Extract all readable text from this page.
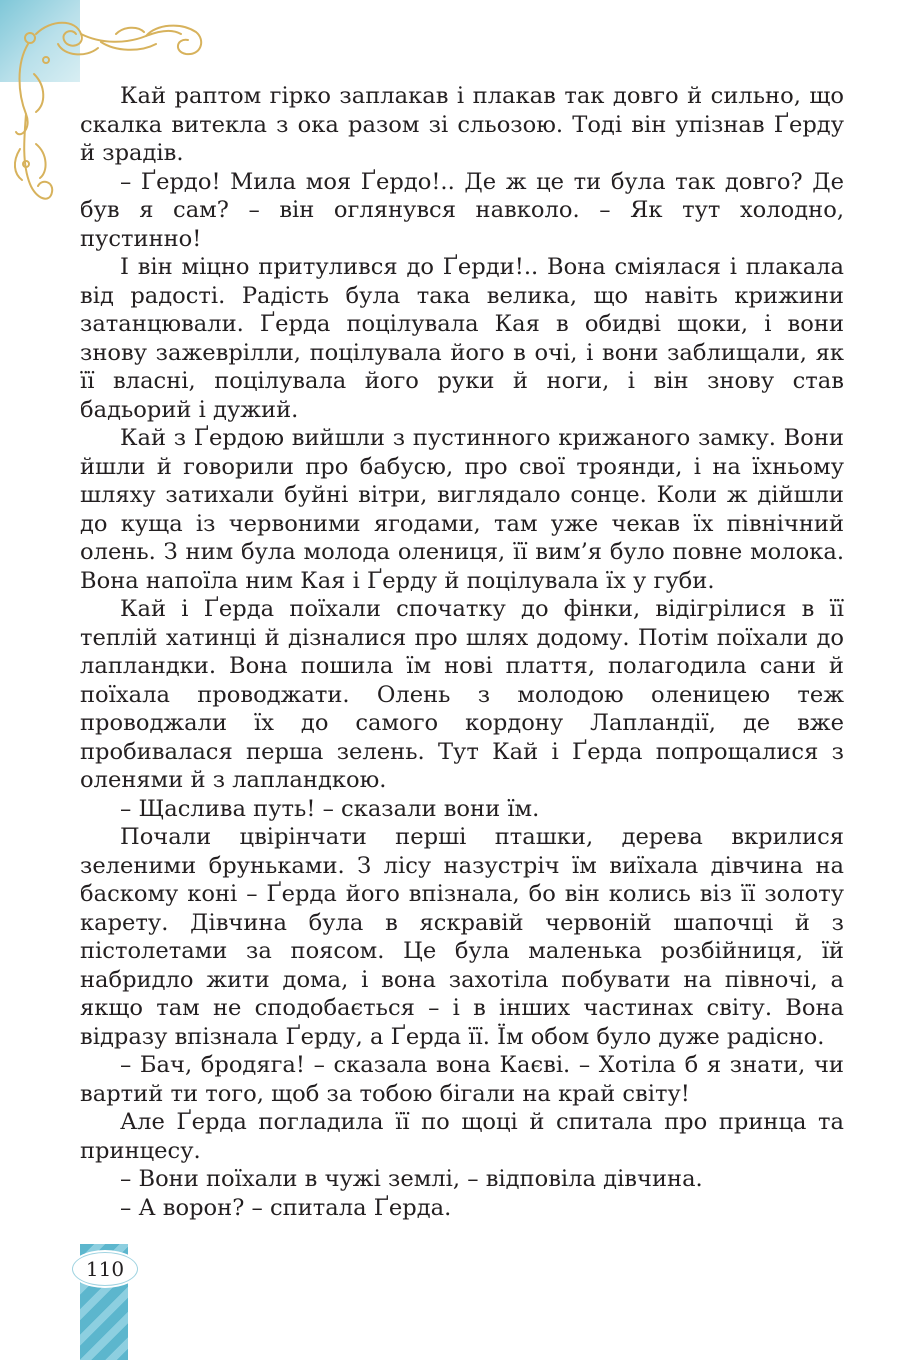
Кай раптом гірко заплакав і плакав так довго й сильно, що скалка витекла з ока разом зі сльозою. Тоді він упізнав Ґерду й зрадів.

– Ґердо! Мила моя Ґердо!.. Де ж це ти була так довго? Де був я сам? – він оглянувся навколо. – Як тут холодно, пустинно!

І він міцно притулився до Ґерди!.. Вона сміялася і плакала від радості. Радість була така велика, що навіть крижини затанцювали. Ґерда поцілувала Кая в обидві щоки, і вони знову зажеврілли, поцілувала його в очі, і вони заблищали, як її власні, поцілувала його руки й ноги, і він знову став бадьорий і дужий.

Кай з Ґердою вийшли з пустинного крижаного замку. Вони йшли й говорили про бабусю, про свої троянди, і на їхньому шляху затихали буйні вітри, виглядало сонце. Коли ж дійшли до куща із червоними ягодами, там уже чекав їх північний олень. З ним була молода олениця, її вим’я було повне молока. Вона напоїла ним Кая і Ґерду й поцілувала їх у губи.

Кай і Ґерда поїхали спочатку до фінки, відігрілися в її теплій хатинці й дізналися про шлях додому. Потім поїхали до лапландки. Вона пошила їм нові плаття, полагодила сани й поїхала проводжати. Олень з молодою оленицею теж проводжали їх до самого кордону Лапландії, де вже пробивалася перша зелень. Тут Кай і Ґерда попрощалися з оленями й з лапландкою.

– Щаслива путь! – сказали вони їм.

Почали цвірінчати перші пташки, дерева вкрилися зеленими бруньками. З лісу назустріч їм виїхала дівчина на баскому коні – Ґерда його впізнала, бо він колись віз її золоту карету. Дівчина була в яскравій червоній шапочці й з пістолетами за поясом. Це була маленька розбійниця, їй набридло жити дома, і вона захотіла побувати на півночі, а якщо там не сподобається – і в інших частинах світу. Вона відразу впізнала Ґерду, а Ґерда її. Їм обом було дуже радісно.

– Бач, бродяга! – сказала вона Каєві. – Хотіла б я знати, чи вартий ти того, щоб за тобою бігали на край світу!

Але Ґерда погладила її по щоці й спитала про принца та принцесу.

– Вони поїхали в чужі землі, – відповіла дівчина.

– А ворон? – спитала Ґерда.

110
